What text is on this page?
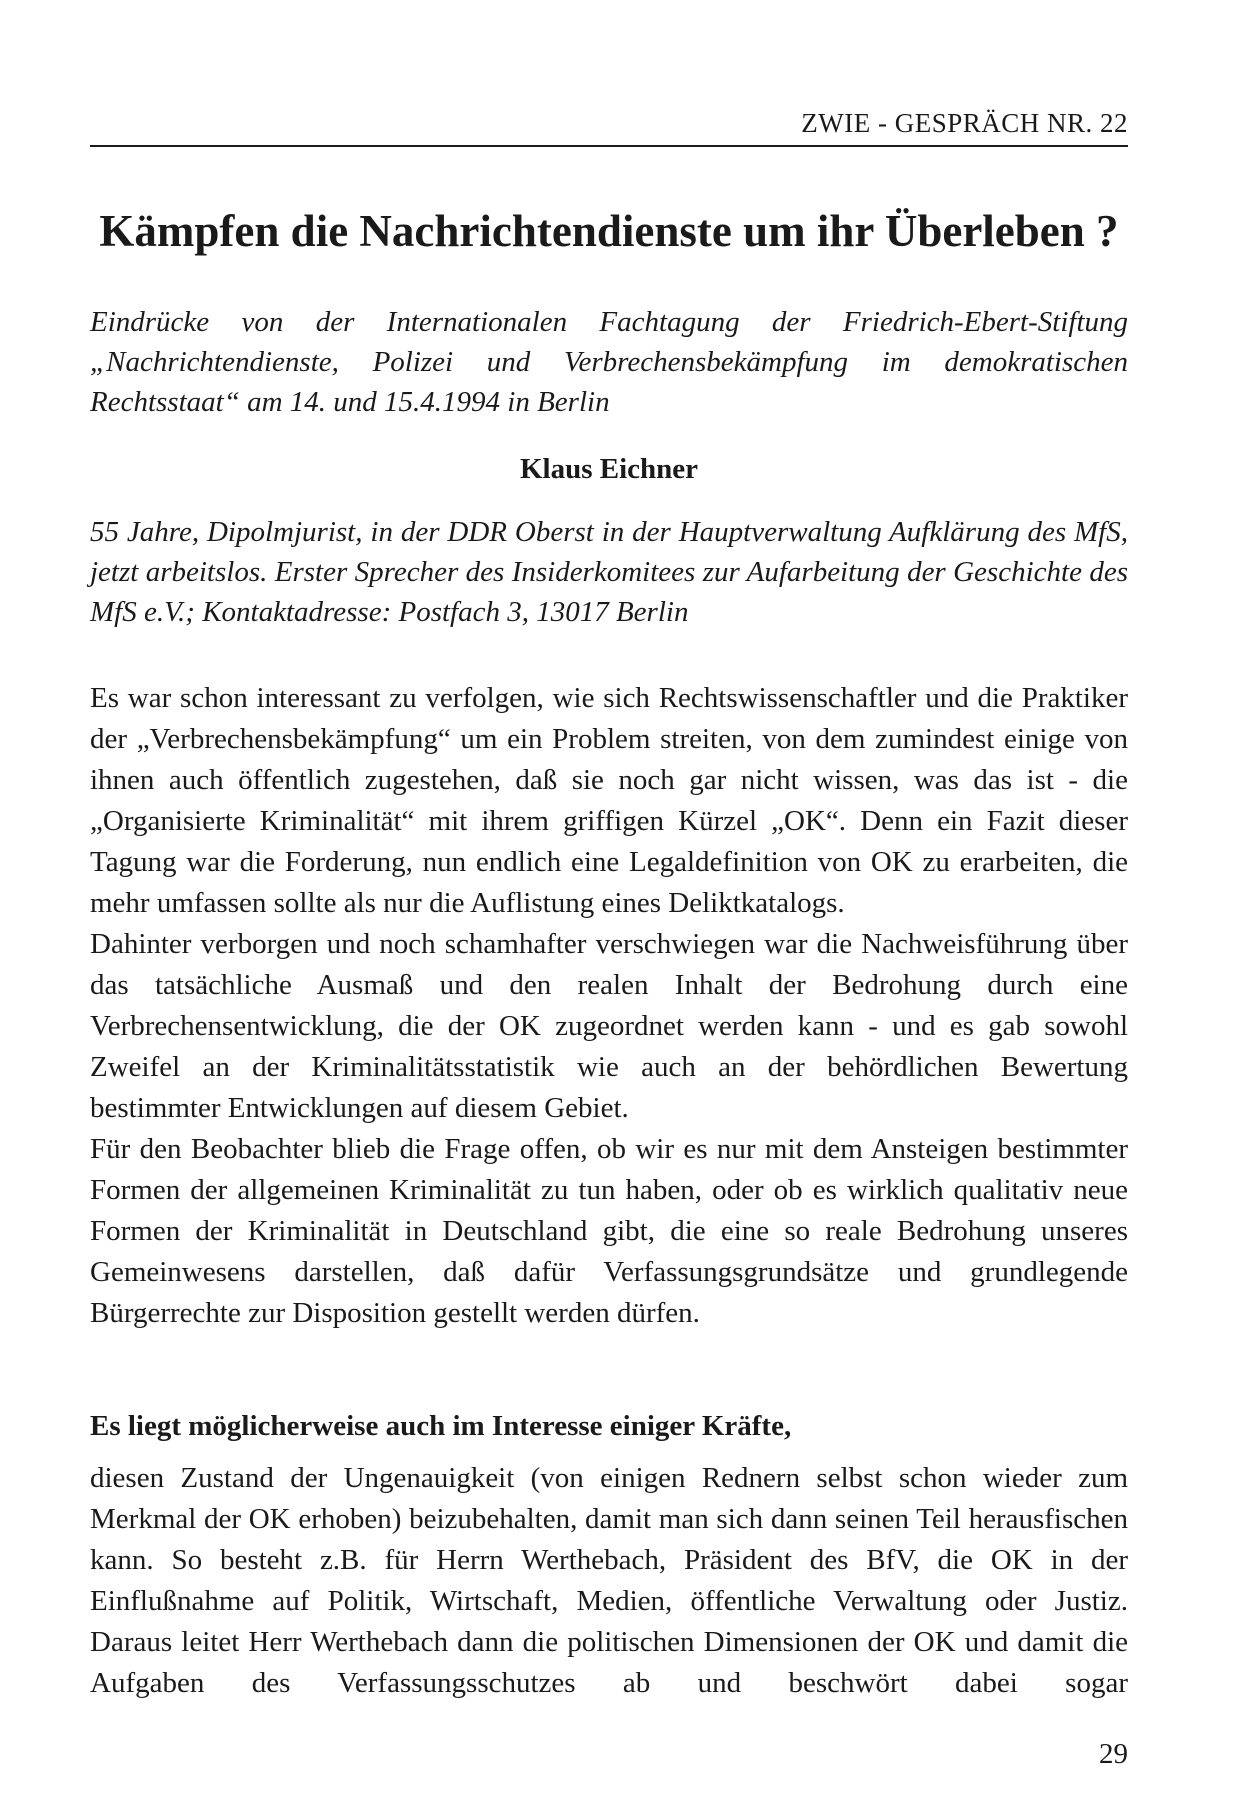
ZWIE - GESPRÄCH NR. 22
Kämpfen die Nachrichtendienste um ihr Überleben ?
Eindrücke von der Internationalen Fachtagung der Friedrich-Ebert-Stiftung „Nachrichtendienste, Polizei und Verbrechensbekämpfung im demokratischen Rechtsstaat“ am 14. und 15.4.1994 in Berlin
Klaus Eichner
55 Jahre, Dipolmjurist, in der DDR Oberst in der Hauptverwaltung Aufklärung des MfS, jetzt arbeitslos. Erster Sprecher des Insiderkomitees zur Aufarbeitung der Geschichte des MfS e.V.; Kontaktadresse: Postfach 3, 13017 Berlin

Es war schon interessant zu verfolgen, wie sich Rechtswissenschaftler und die Praktiker der „Verbrechensbekämpfung“ um ein Problem streiten, von dem zumindest einige von ihnen auch öffentlich zugestehen, daß sie noch gar nicht wissen, was das ist - die „Organisierte Kriminalität“ mit ihrem griffigen Kürzel „OK“. Denn ein Fazit dieser Tagung war die Forderung, nun endlich eine Legaldefinition von OK zu erarbeiten, die mehr umfassen sollte als nur die Auflistung eines Deliktkatalogs.

Dahinter verborgen und noch schamhafter verschwiegen war die Nachweisführung über das tatsächliche Ausmaß und den realen Inhalt der Bedrohung durch eine Verbrechensentwicklung, die der OK zugeordnet werden kann - und es gab sowohl Zweifel an der Kriminalitätsstatistik wie auch an der behördlichen Bewertung bestimmter Entwicklungen auf diesem Gebiet.

Für den Beobachter blieb die Frage offen, ob wir es nur mit dem Ansteigen bestimmter Formen der allgemeinen Kriminalität zu tun haben, oder ob es wirklich qualitativ neue Formen der Kriminalität in Deutschland gibt, die eine so reale Bedrohung unseres Gemeinwesens darstellen, daß dafür Verfassungsgrundsätze und grundlegende Bürgerrechte zur Disposition gestellt werden dürfen.

Es liegt möglicherweise auch im Interesse einiger Kräfte,
diesen Zustand der Ungenauigkeit (von einigen Rednern selbst schon wieder zum Merkmal der OK erhoben) beizubehalten, damit man sich dann seinen Teil herausfischen kann. So besteht z.B. für Herrn Werthebach, Präsident des BfV, die OK in der Einflußnahme auf Politik, Wirtschaft, Medien, öffentliche Verwaltung oder Justiz. Daraus leitet Herr Werthebach dann die politischen Dimensionen der OK und damit die Aufgaben des Verfassungsschutzes ab und beschwört dabei sogar
29
